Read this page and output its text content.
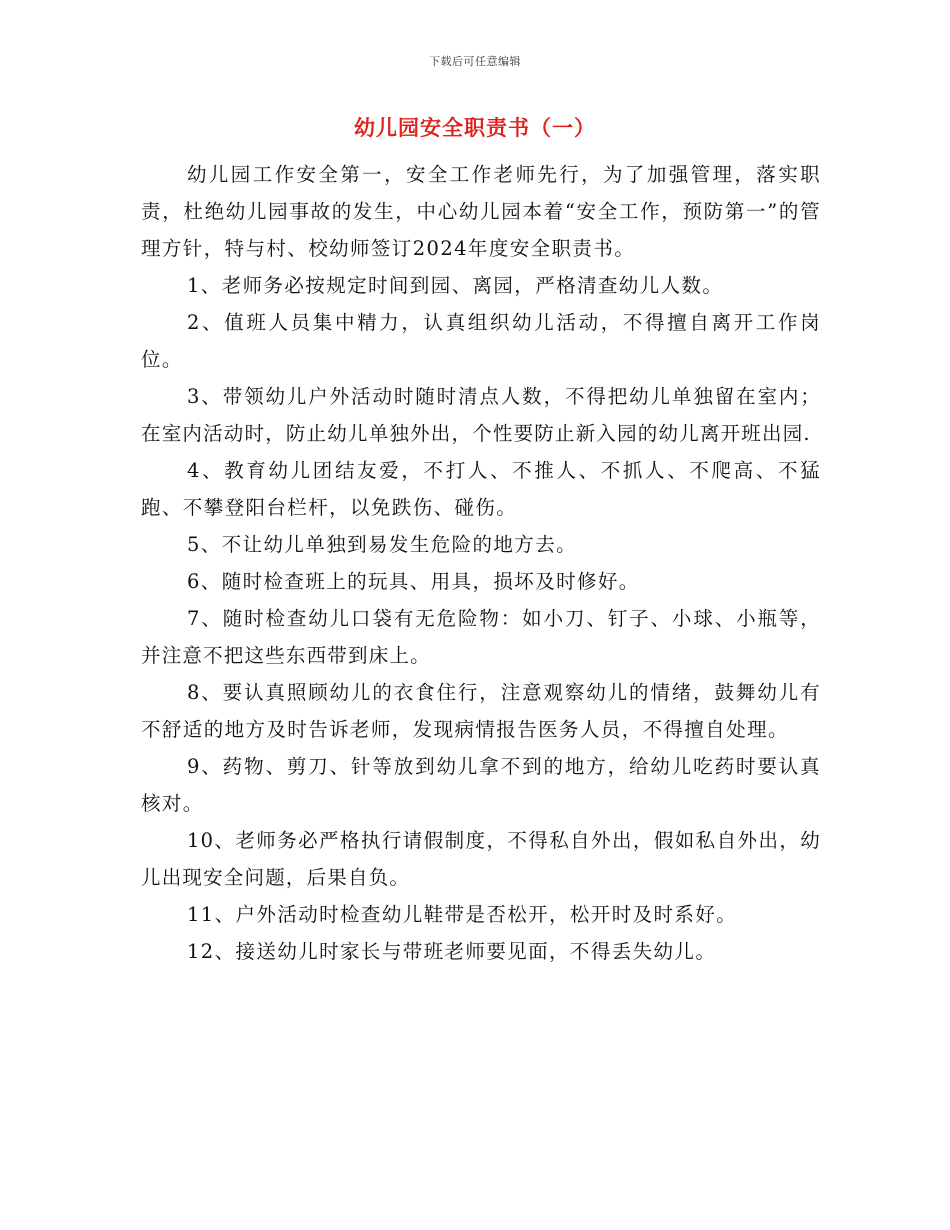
下载后可任意编辑
幼儿园安全职责书（一）

幼儿园工作安全第一，安全工作老师先行，为了加强管理，落实职责，杜绝幼儿园事故的发生，中心幼儿园本着“安全工作，预防第一”的管理方针，特与村、校幼师签订2024年度安全职责书。

1、老师务必按规定时间到园、离园，严格清查幼儿人数。

2、值班人员集中精力，认真组织幼儿活动，不得擅自离开工作岗位。

3、带领幼儿户外活动时随时清点人数，不得把幼儿单独留在室内；在室内活动时，防止幼儿单独外出，个性要防止新入园的幼儿离开班出园.

4、教育幼儿团结友爱，不打人、不推人、不抓人、不爬高、不猛跑、不攀登阳台栏杆，以免跌伤、碰伤。

5、不让幼儿单独到易发生危险的地方去。

6、随时检查班上的玩具、用具，损坏及时修好。

7、随时检查幼儿口袋有无危险物：如小刀、钉子、小球、小瓶等，并注意不把这些东西带到床上。

8、要认真照顾幼儿的衣食住行，注意观察幼儿的情绪，鼓舞幼儿有不舒适的地方及时告诉老师，发现病情报告医务人员，不得擅自处理。

9、药物、剪刀、针等放到幼儿拿不到的地方，给幼儿吃药时要认真核对。

10、老师务必严格执行请假制度，不得私自外出，假如私自外出，幼儿出现安全问题，后果自负。

11、户外活动时检查幼儿鞋带是否松开，松开时及时系好。

12、接送幼儿时家长与带班老师要见面，不得丢失幼儿。
